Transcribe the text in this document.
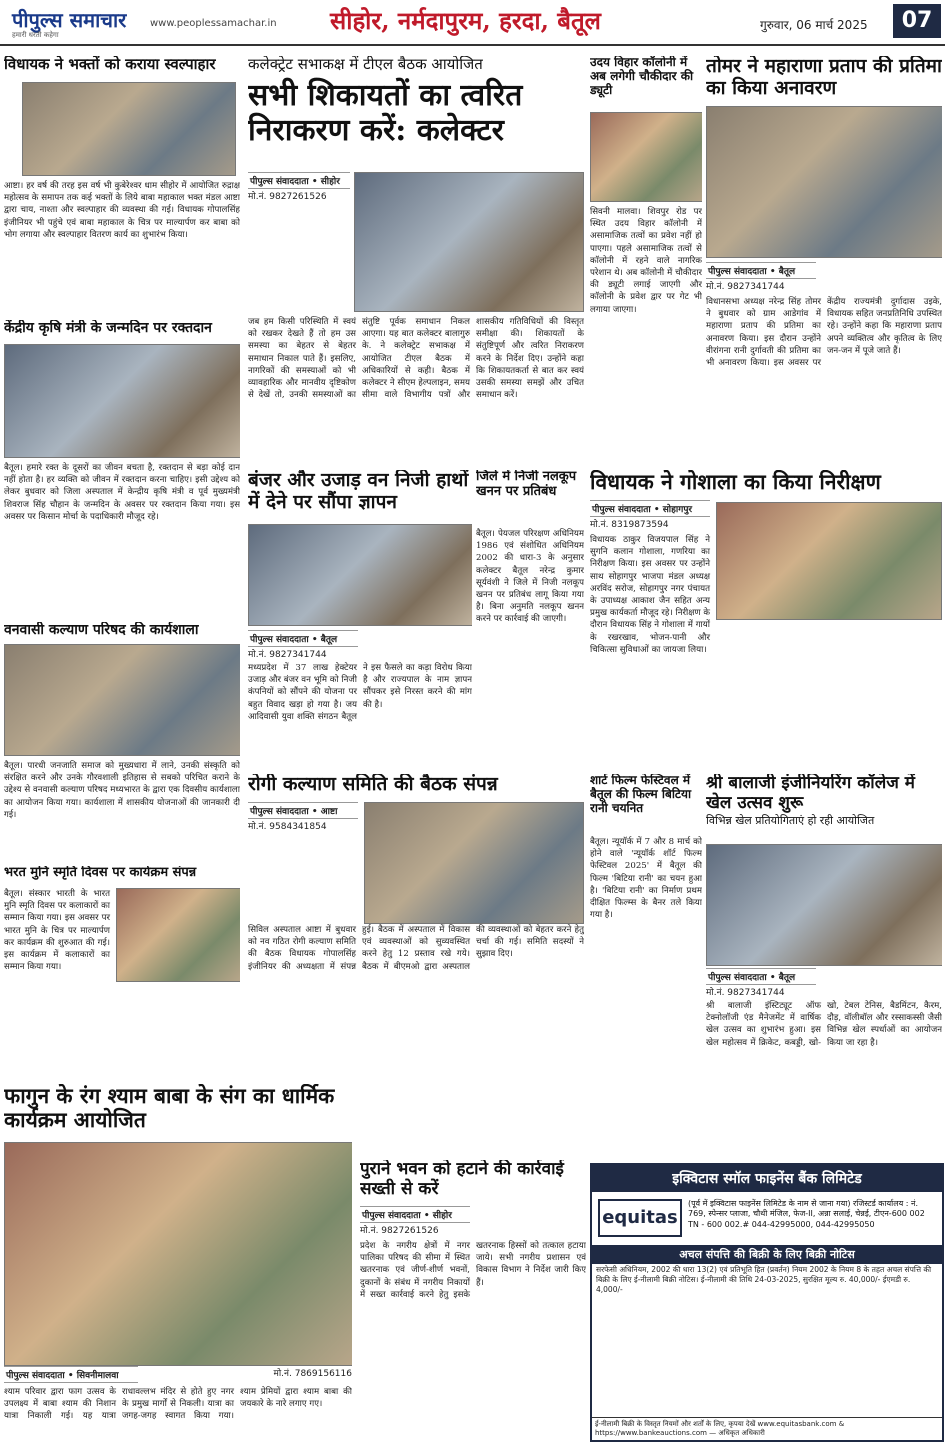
पीपुल्स समाचार
हमारी धरती कहेगा
www.peoplessamachar.in सीहोर, नर्मदापुरम, हरदा, बैतूल	गुरुवार, 06 मार्च 2025	07
विधायक ने भक्तों को कराया स्वल्पाहार
आष्टा। हर वर्ष की तरह इस वर्ष भी कुबेरेश्वर धाम सीहोर में आयोजित रुद्राक्ष महोत्सव के समापन तक कई भक्तों के लिये बाबा महाकाल भक्त मंडल आष्टा द्वारा चाय, नाश्ता और स्वल्पाहार की व्यवस्था की गई। विधायक गोपालसिंह इंजीनियर भी पहुंचे एवं बाबा महाकाल के चित्र पर माल्यार्पण कर बाबा को भोग लगाया और स्वल्पाहार वितरण कार्य का शुभारंभ किया।
केंद्रीय कृषि मंत्री के जन्मदिन पर रक्तदान
बैतूल। हमारे रक्त के दूसरों का जीवन बचता है, रक्तदान से बड़ा कोई दान नहीं होता है। हर व्यक्ति को जीवन में रक्तदान करना चाहिए। इसी उद्देश्य को लेकर बुधवार को जिला अस्पताल में केन्द्रीय कृषि मंत्री व पूर्व मुख्यमंत्री शिवराज सिंह चौहान के जन्मदिन के अवसर पर रक्तदान किया गया। इस अवसर पर किसान मोर्चा के पदाधिकारी मौजूद रहे।
वनवासी कल्याण परिषद की कार्यशाला
बैतूल। पारधी जनजाति समाज को मुख्यधारा में लाने, उनकी संस्कृति को संरक्षित करने और उनके गौरवशाली इतिहास से सबको परिचित कराने के उद्देश्य से वनवासी कल्याण परिषद मध्यभारत के द्वारा एक दिवसीय कार्यशाला का आयोजन किया गया। कार्यशाला में शासकीय योजनाओं की जानकारी दी गई।
भरत मुनि स्मृति दिवस पर कार्यक्रम संपन्न
बैतूल। संस्कार भारती के भारत मुनि स्मृति दिवस पर कलाकारों का सम्मान किया गया। इस अवसर पर भारत मुनि के चित्र पर माल्यार्पण कर कार्यक्रम की शुरुआत की गई। इस कार्यक्रम में कलाकारों का सम्मान किया गया।
कलेक्ट्रेट सभाकक्ष में टीएल बैठक आयोजित
सभी शिकायतों का त्वरित निराकरण करें: कलेक्टर
पीपुल्स संवाददाता • सीहोर
मो.नं. 9827261526
जब हम किसी परिस्थिति में स्वयं को रखकर देखते हैं तो हम उस समस्या का बेहतर से बेहतर समाधान निकाल पाते हैं। इसलिए, नागरिकों की समस्याओं को भी व्यावहारिक और मानवीय दृष्टिकोण से देखें तो, उनकी समस्याओं का संतुष्टि पूर्वक समाधान निकल आएगा। यह बात कलेक्टर बालागुरु के. ने कलेक्ट्रेट सभाकक्ष में आयोजित टीएल बैठक में अधिकारियों से कही। बैठक में कलेक्टर ने सीएम हेल्पलाइन, समय सीमा वाले विभागीय पत्रों और शासकीय गतिविधियों की विस्तृत समीक्षा की। शिकायतों के संतुष्टिपूर्ण और त्वरित निराकरण करने के निर्देश दिए। उन्होंने कहा कि शिकायतकर्ता से बात कर स्वयं उसकी समस्या समझें और उचित समाधान करें।
उदय विहार कॉलोनी में अब लगेगी चौकीदार की ड्यूटी
सिवनी मालवा। शिवपुर रोड पर स्थित उदय विहार कॉलोनी में असामाजिक तत्वों का प्रवेश नहीं हो पाएगा। पहले असामाजिक तत्वों से कॉलोनी में रहने वाले नागरिक परेशान थे। अब कॉलोनी में चौकीदार की ड्यूटी लगाई जाएगी और कॉलोनी के प्रवेश द्वार पर गेट भी लगाया जाएगा।
तोमर ने महाराणा प्रताप की प्रतिमा का किया अनावरण
पीपुल्स संवाददाता • बैतूल
मो.नं. 9827341744
विधानसभा अध्यक्ष नरेन्द्र सिंह तोमर ने बुधवार को ग्राम आडेगांव में महाराणा प्रताप की प्रतिमा का अनावरण किया। इस दौरान उन्होंने वीरांगना रानी दुर्गावती की प्रतिमा का भी अनावरण किया। इस अवसर पर केंद्रीय राज्यमंत्री दुर्गादास उइके, विधायक सहित जनप्रतिनिधि उपस्थित रहे। उन्होंने कहा कि महाराणा प्रताप अपने व्यक्तित्व और कृतित्व के लिए जन-जन में पूजे जाते हैं।
बंजर और उजाड़ वन निजी हाथों में देने पर सौंपा ज्ञापन
पीपुल्स संवाददाता • बैतूल
मो.नं. 9827341744
मध्यप्रदेश में 37 लाख हेक्टेयर उजाड़ और बंजर वन भूमि को निजी कंपनियों को सौंपने की योजना पर बहुत विवाद खड़ा हो गया है। जय आदिवासी युवा शक्ति संगठन बैतूल ने इस फैसले का कड़ा विरोध किया है और राज्यपाल के नाम ज्ञापन सौंपकर इसे निरस्त करने की मांग की है।
जिले में निजी नलकूप खनन पर प्रतिबंध
बैतूल। पेयजल परिरक्षण अधिनियम 1986 एवं संशोधित अधिनियम 2002 की धारा-3 के अनुसार कलेक्टर बैतूल नरेन्द्र कुमार सूर्यवंशी ने जिले में निजी नलकूप खनन पर प्रतिबंध लागू किया गया है। बिना अनुमति नलकूप खनन करने पर कार्रवाई की जाएगी।
विधायक ने गोशाला का किया निरीक्षण
पीपुल्स संवाददाता • सोहागपुर
मो.नं. 8319873594
विधायक ठाकुर विजयपाल सिंह ने सुगनि कलान गोशाला, गणरिया का निरीक्षण किया। इस अवसर पर उन्होंने साथ सोहागपुर भाजपा मंडल अध्यक्ष अरविंद सरोज, सोहागपुर नगर पंचायत के उपाध्यक्ष आकाश जैन सहित अन्य प्रमुख कार्यकर्ता मौजूद रहे। निरीक्षण के दौरान विधायक सिंह ने गोशाला में गायों के रखरखाव, भोजन-पानी और चिकित्सा सुविधाओं का जायजा लिया।
रोगी कल्याण समिति की बैठक संपन्न
पीपुल्स संवाददाता • आष्टा
मो.नं. 9584341854
सिविल अस्पताल आष्टा में बुधवार को नव गठित रोगी कल्याण समिति की बैठक विधायक गोपालसिंह इंजीनियर की अध्यक्षता में संपन्न हुई। बैठक में अस्पताल में विकास एवं व्यवस्थाओं को सुव्यवस्थित करने हेतु 12 प्रस्ताव रखे गये। बैठक में बीएमओ द्वारा अस्पताल की व्यवस्थाओं को बेहतर करने हेतु चर्चा की गई। समिति सदस्यों ने सुझाव दिए।
शार्ट फिल्म फेस्टिवल में बैतूल की फिल्म बिटिया रानी चयनित
बैतूल। न्यूयॉर्क में 7 और 8 मार्च को होने वाले 'न्यूयॉर्क शॉर्ट फिल्म फेस्टिवल 2025' में बैतूल की फिल्म 'बिटिया रानी' का चयन हुआ है। 'बिटिया रानी' का निर्माण प्रथम दीक्षित फिल्म्स के बैनर तले किया गया है।
श्री बालाजी इंजीनियरिंग कॉलेज में खेल उत्सव शुरू
विभिन्न खेल प्रतियोगिताएं हो रही आयोजित
पीपुल्स संवाददाता • बैतूल
मो.नं. 9827341744
श्री बालाजी इंस्टिट्यूट ऑफ टेक्नोलॉजी एंड मैनेजमेंट में वार्षिक खेल उत्सव का शुभारंभ हुआ। इस खेल महोत्सव में क्रिकेट, कबड्डी, खो-खो, टेबल टेनिस, बैडमिंटन, कैरम, दौड़, वॉलीबॉल और रस्साकस्सी जैसी विभिन्न खेल स्पर्धाओं का आयोजन किया जा रहा है।
फागुन के रंग श्याम बाबा के संग का धार्मिक कार्यक्रम आयोजित
पीपुल्स संवाददाता • सिवनीमालवा	मो.नं. 7869156116
श्याम परिवार द्वारा फाग उत्सव के उपलक्ष्य में बाबा श्याम की निशान यात्रा निकाली गई। यह यात्रा राधावल्लभ मंदिर से होते हुए नगर के प्रमुख मार्गों से निकली। यात्रा का जगह-जगह स्वागत किया गया। श्याम प्रेमियों द्वारा श्याम बाबा की जयकारे के नारे लगाए गए।
पुराने भवन को हटाने की कार्रवाई सख्ती से करें
पीपुल्स संवाददाता • सीहोर
मो.नं. 9827261526
प्रदेश के नगरीय क्षेत्रों में नगर पालिका परिषद की सीमा में स्थित खतरनाक एवं जीर्ण-शीर्ण भवनों, दुकानों के संबंध में नगरीय निकायों में सख्त कार्रवाई करने हेतु इसके खतरनाक हिस्सों को तत्काल हटाया जाये। सभी नगरीय प्रशासन एवं विकास विभाग ने निर्देश जारी किए हैं।
इक्विटास स्मॉल फाइनेंस बैंक लिमिटेड
equitas
(पूर्व में इक्विटास फाइनेंस लिमिटेड के नाम से जाना गया) रजिस्टर्ड कार्यालय : नं. 769, स्पेन्सर प्लाजा, चौथी मंजिल, फेज-II, अन्ना सलाई, चेन्नई, टीएन-600 002 TN - 600 002.# 044-42995000, 044-42995050
अचल संपत्ति की बिक्री के लिए बिक्री नोटिस
सरफेसी अधिनियम, 2002 की धारा 13(2) एवं प्रतिभूति हित (प्रवर्तन) नियम 2002 के नियम 8 के तहत अचल संपत्ति की बिक्री के लिए ई-नीलामी बिक्री नोटिस। ई-नीलामी की तिथि 24-03-2025, सुरक्षित मूल्य रु. 40,000/- ईएमडी रु. 4,000/-
ई-नीलामी बिक्री के विस्तृत नियमों और शर्तों के लिए, कृपया देखें www.equitasbank.com & https://www.bankeauctions.com — अधिकृत अधिकारी
